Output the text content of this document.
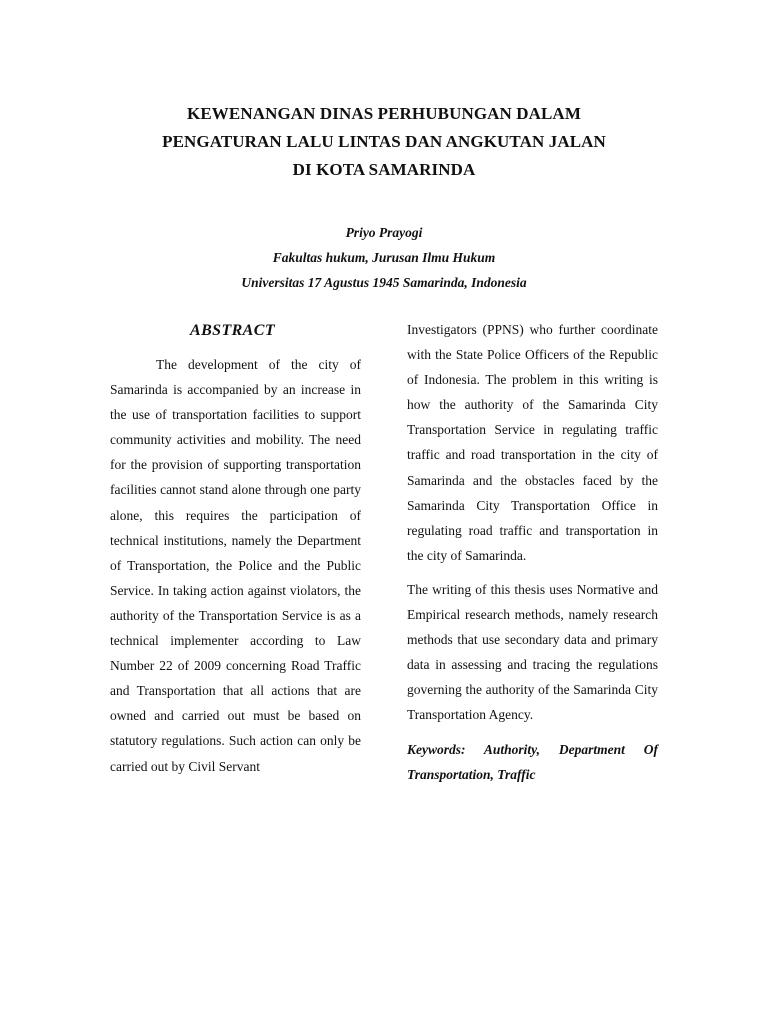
KEWENANGAN DINAS PERHUBUNGAN DALAM
PENGATURAN LALU LINTAS DAN ANGKUTAN JALAN
DI KOTA SAMARINDA
Priyo Prayogi
Fakultas hukum, Jurusan Ilmu Hukum
Universitas 17 Agustus 1945 Samarinda, Indonesia
ABSTRACT

The development of the city of Samarinda is accompanied by an increase in the use of transportation facilities to support community activities and mobility. The need for the provision of supporting transportation facilities cannot stand alone through one party alone, this requires the participation of technical institutions, namely the Department of Transportation, the Police and the Public Service. In taking action against violators, the authority of the Transportation Service is as a technical implementer according to Law Number 22 of 2009 concerning Road Traffic and Transportation that all actions that are owned and carried out must be based on statutory regulations. Such action can only be carried out by Civil Servant

Investigators (PPNS) who further coordinate with the State Police Officers of the Republic of Indonesia. The problem in this writing is how the authority of the Samarinda City Transportation Service in regulating traffic traffic and road transportation in the city of Samarinda and the obstacles faced by the Samarinda City Transportation Office in regulating road traffic and transportation in the city of Samarinda.

The writing of this thesis uses Normative and Empirical research methods, namely research methods that use secondary data and primary data in assessing and tracing the regulations governing the authority of the Samarinda City Transportation Agency.

Keywords: Authority, Department Of Transportation, Traffic
